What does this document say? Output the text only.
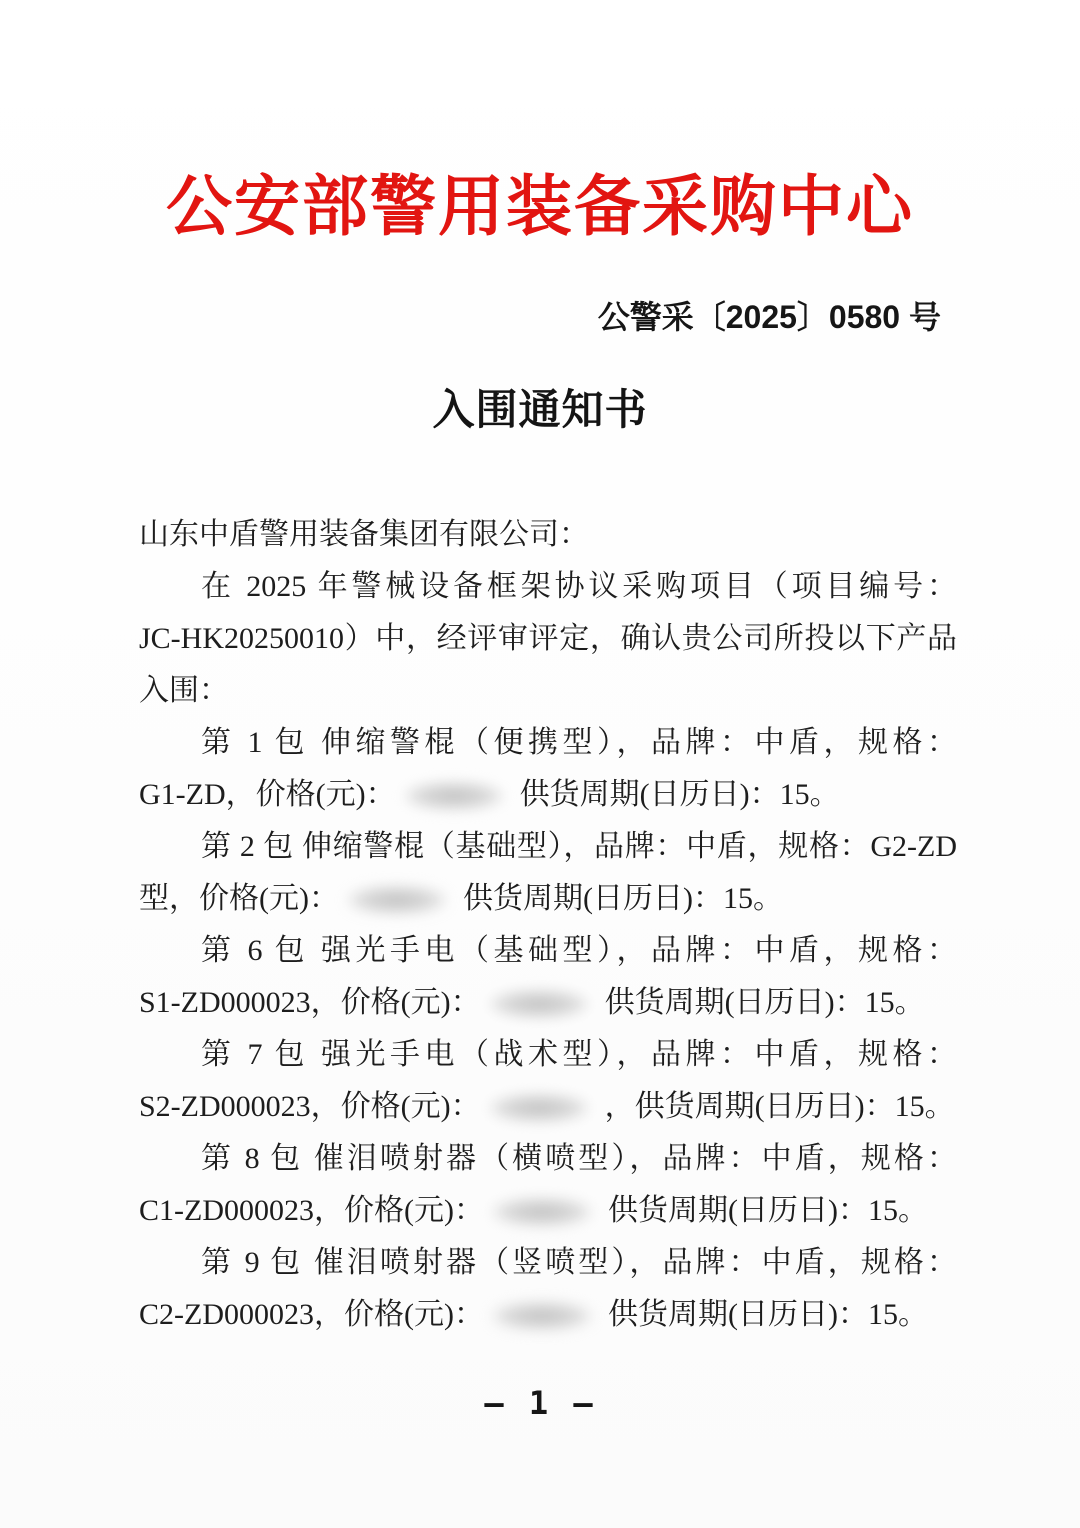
公安部警用装备采购中心
公警采〔2025〕0580 号
入围通知书
山东中盾警用装备集团有限公司：
在 2025 年警械设备框架协议采购项目（项目编号：
JC-HK20250010）中，经评审评定，确认贵公司所投以下产品
入围：
第 1 包 伸缩警棍（便携型），品牌：中盾，规格：
G1-ZD，价格(元)：	供货周期(日历日)：15。
第 2 包 伸缩警棍（基础型），品牌：中盾，规格：G2-ZD
型，价格(元)：	供货周期(日历日)：15。
第 6 包 强光手电（基础型），品牌：中盾，规格：
S1-ZD000023，价格(元)：	供货周期(日历日)：15。
第 7 包 强光手电（战术型），品牌：中盾，规格：
S2-ZD000023，价格(元)：	，供货周期(日历日)：15。
第 8 包 催泪喷射器（横喷型），品牌：中盾，规格：
C1-ZD000023，价格(元)：	供货周期(日历日)：15。
第 9 包 催泪喷射器（竖喷型），品牌：中盾，规格：
C2-ZD000023，价格(元)：	供货周期(日历日)：15。
— 1 —
